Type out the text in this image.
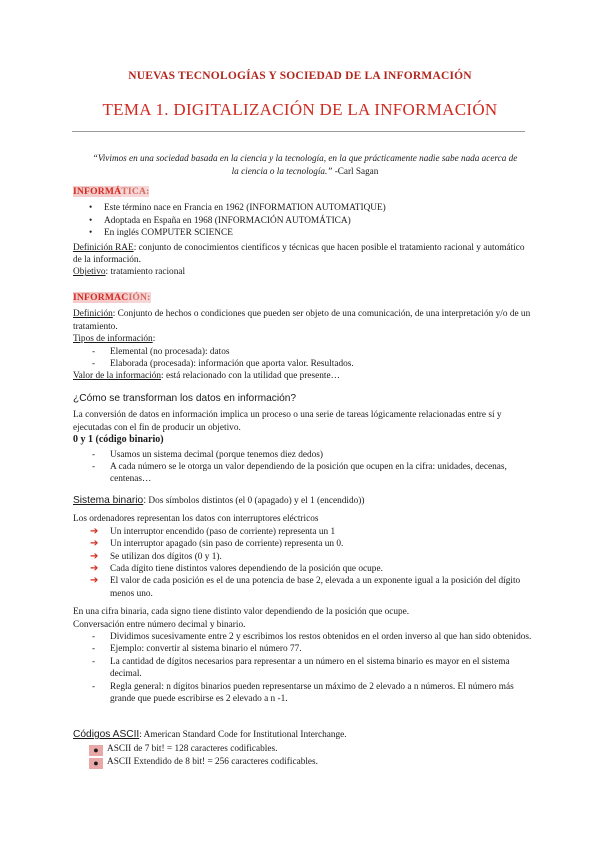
NUEVAS TECNOLOGÍAS Y SOCIEDAD DE LA INFORMACIÓN
TEMA 1. DIGITALIZACIÓN DE LA INFORMACIÓN
“Vivimos en una sociedad basada en la ciencia y la tecnología, en la que prácticamente nadie sabe nada acerca de la ciencia o la tecnología.” -Carl Sagan
INFORMÁTICA:
• Este término nace en Francia en 1962 (INFORMATION AUTOMATIQUE)
• Adoptada en España en 1968 (INFORMACIÓN AUTOMÁTICA)
• En inglés COMPUTER SCIENCE
Definición RAE: conjunto de conocimientos científicos y técnicas que hacen posible el tratamiento racional y automático de la información.
Objetivo: tratamiento racional
INFORMACIÓN:
Definición: Conjunto de hechos o condiciones que pueden ser objeto de una comunicación, de una interpretación y/o de un tratamiento.
Tipos de información:
- Elemental (no procesada): datos
- Elaborada (procesada): información que aporta valor. Resultados.
Valor de la información: está relacionado con la utilidad que presente…
¿Cómo se transforman los datos en información?
La conversión de datos en información implica un proceso o una serie de tareas lógicamente relacionadas entre sí y ejecutadas con el fin de producir un objetivo.
0 y 1 (código binario)
- Usamos un sistema decimal (porque tenemos diez dedos)
- A cada número se le otorga un valor dependiendo de la posición que ocupen en la cifra: unidades, decenas, centenas…
Sistema binario: Dos símbolos distintos (el 0 (apagado) y el 1 (encendido))
Los ordenadores representan los datos con interruptores eléctricos
➔ Un interruptor encendido (paso de corriente) representa un 1
➔ Un interruptor apagado (sin paso de corriente) representa un 0.
➔ Se utilizan dos dígitos (0 y 1).
➔ Cada dígito tiene distintos valores dependiendo de la posición que ocupe.
➔ El valor de cada posición es el de una potencia de base 2, elevada a un exponente igual a la posición del dígito menos uno.
En una cifra binaria, cada signo tiene distinto valor dependiendo de la posición que ocupe.
Conversación entre número decimal y binario.
- Dividimos sucesivamente entre 2 y escribimos los restos obtenidos en el orden inverso al que han sido obtenidos.
- Ejemplo: convertir al sistema binario el número 77.
- La cantidad de dígitos necesarios para representar a un número en el sistema binario es mayor en el sistema decimal.
- Regla general: n dígitos binarios pueden representarse un máximo de 2 elevado a n números. El número más grande que puede escribirse es 2 elevado a n -1.
Códigos ASCII: American Standard Code for Institutional Interchange.
● ASCII de 7 bit! = 128 caracteres codificables.
● ASCII Extendido de 8 bit! = 256 caracteres codificables.
